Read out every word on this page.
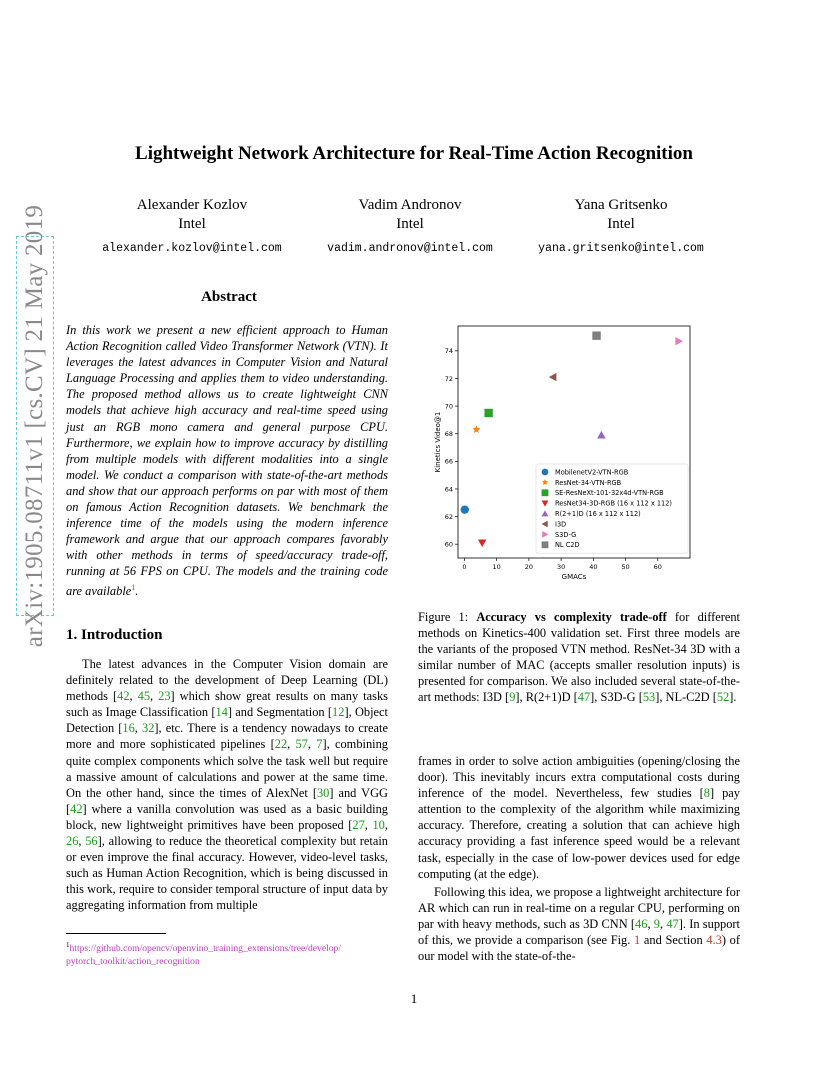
arXiv:1905.08711v1 [cs.CV] 21 May 2019
Lightweight Network Architecture for Real-Time Action Recognition
Alexander Kozlov
Intel
alexander.kozlov@intel.com
Vadim Andronov
Intel
vadim.andronov@intel.com
Yana Gritsenko
Intel
yana.gritsenko@intel.com
Abstract

In this work we present a new efficient approach to Human Action Recognition called Video Transformer Network (VTN). It leverages the latest advances in Computer Vision and Natural Language Processing and applies them to video understanding. The proposed method allows us to create lightweight CNN models that achieve high accuracy and real-time speed using just an RGB mono camera and general purpose CPU. Furthermore, we explain how to improve accuracy by distilling from multiple models with different modalities into a single model. We conduct a comparison with state-of-the-art methods and show that our approach performs on par with most of them on famous Action Recognition datasets. We benchmark the inference time of the models using the modern inference framework and argue that our approach compares favorably with other methods in terms of speed/accuracy trade-off, running at 56 FPS on CPU. The models and the training code are available$^1$.

1. Introduction

The latest advances in the Computer Vision domain are definitely related to the development of Deep Learning (DL) methods [42, 45, 23] which show great results on many tasks such as Image Classification [14] and Segmentation [12], Object Detection [16, 32], etc. There is a tendency nowadays to create more and more sophisticated pipelines [22, 57, 7], combining quite complex components which solve the task well but require a massive amount of calculations and power at the same time. On the other hand, since the times of AlexNet [30] and VGG [42] where a vanilla convolution was used as a basic building block, new lightweight primitives have been proposed [27, 10, 26, 56], allowing to reduce the theoretical complexity but retain or even improve the final accuracy. However, video-level tasks, such as Human Action Recognition, which is being discussed in this work, require to consider temporal structure of input data by aggregating information from multiple

frames in order to solve action ambiguities (opening/closing the door). This inevitably incurs extra computational costs during inference of the model. Nevertheless, few studies [8] pay attention to the complexity of the algorithm while maximizing accuracy. Therefore, creating a solution that can achieve high accuracy providing a fast inference speed would be a relevant task, especially in the case of low-power devices used for edge computing (at the edge).

Following this idea, we propose a lightweight architecture for AR which can run in real-time on a regular CPU, performing on par with heavy methods, such as 3D CNN [46, 9, 47]. In support of this, we provide a comparison (see Fig. 1 and Section 4.3) of our model with the state-of-the-

$^1$https://github.com/opencv/openvino_training_extensions/tree/develop/
pytorch_toolkit/action_recognition
0	10	20	30	40	50	60
60
62
64
66
68
70
72
74
GMACs
Kinetics Video@1
MobilenetV2-VTN-RGB
ResNet-34-VTN-RGB
SE-ResNeXt-101-32x4d-VTN-RGB
ResNet34-3D-RGB (16 x 112 x 112)
R(2+1)D (16 x 112 x 112)
I3D
S3D-G
NL C2D
Figure 1: Accuracy vs complexity trade-off for different methods on Kinetics-400 validation set. First three models are the variants of the proposed VTN method. ResNet-34 3D with a similar number of MAC (accepts smaller resolution inputs) is presented for comparison. We also included several state-of-the-art methods: I3D [9], R(2+1)D [47], S3D-G [53], NL-C2D [52].
1
